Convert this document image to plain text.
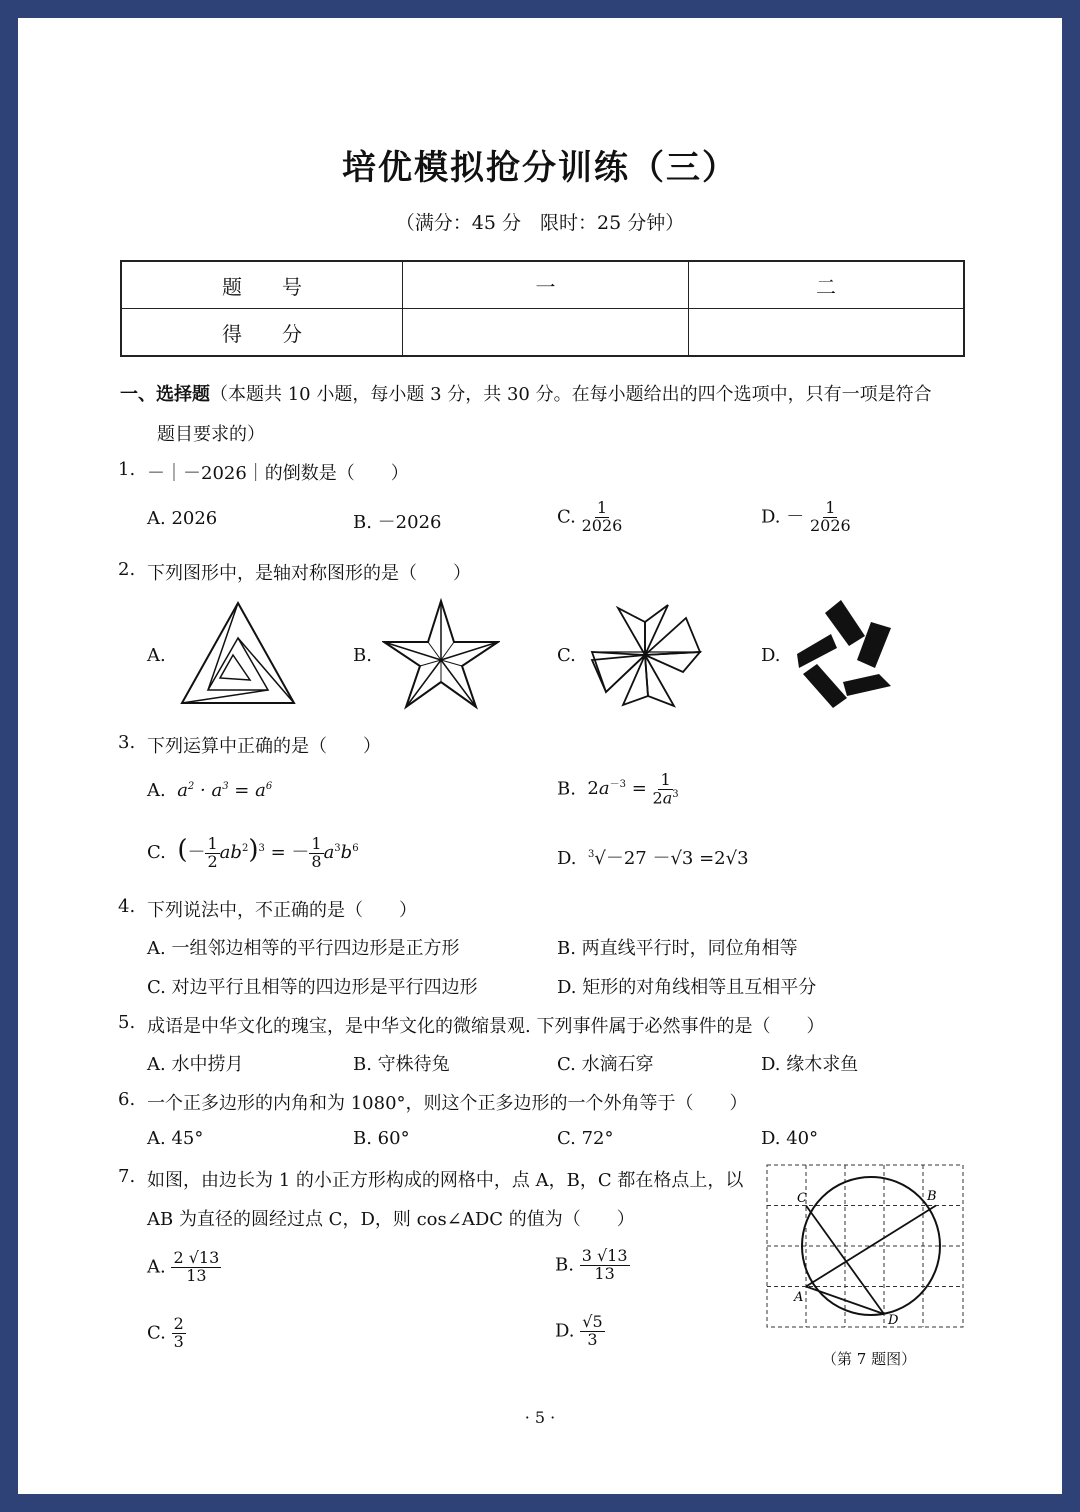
培优模拟抢分训练（三）
（满分：45 分　限时：25 分钟）
题　　号	一	二
得　　分		
一、选择题（本题共 10 小题，每小题 3 分，共 30 分。在每小题给出的四个选项中，只有一项是符合
题目要求的）
1. －｜－2026｜的倒数是（　　）
A. 2026	B. －2026	C. $\frac{1}{2026}$	D. － $\frac{1}{2026}$
2. 下列图形中，是轴对称图形的是（　　）
A.	B.	C.	D.
3. 下列运算中正确的是（　　）
A.  $a^2 \cdot a^3 = a^6$	B.  $2a^{-3} = \frac{1}{2a^3}$
C. (－ $\frac{1}{2} ab^2)^3$ = － $\frac{1}{8} a^3b^6$	D. $^3$√－27 －√3 =2√3
4. 下列说法中，不正确的是（　　）
A. 一组邻边相等的平行四边形是正方形	B. 两直线平行时，同位角相等
C. 对边平行且相等的四边形是平行四边形	D. 矩形的对角线相等且互相平分
5. 成语是中华文化的瑰宝，是中华文化的微缩景观. 下列事件属于必然事件的是（　　）
A. 水中捞月	B. 守株待兔	C. 水滴石穿	D. 缘木求鱼
6. 一个正多边形的内角和为 1080°，则这个正多边形的一个外角等于（　　）
A. 45°	B. 60°	C. 72°	D. 40°
7. 如图，由边长为 1 的小正方形构成的网格中，点 A，B，C 都在格点上，以
AB 为直径的圆经过点 C，D，则 cos∠ADC 的值为（　　）
A. $\frac{2 √13}{13}$	B. $\frac{3 √13}{13}$
C. $\frac{2}{3}$	D. $\frac{√5}{3}$
C	B
A
D
（第 7 题图）
· 5 ·
